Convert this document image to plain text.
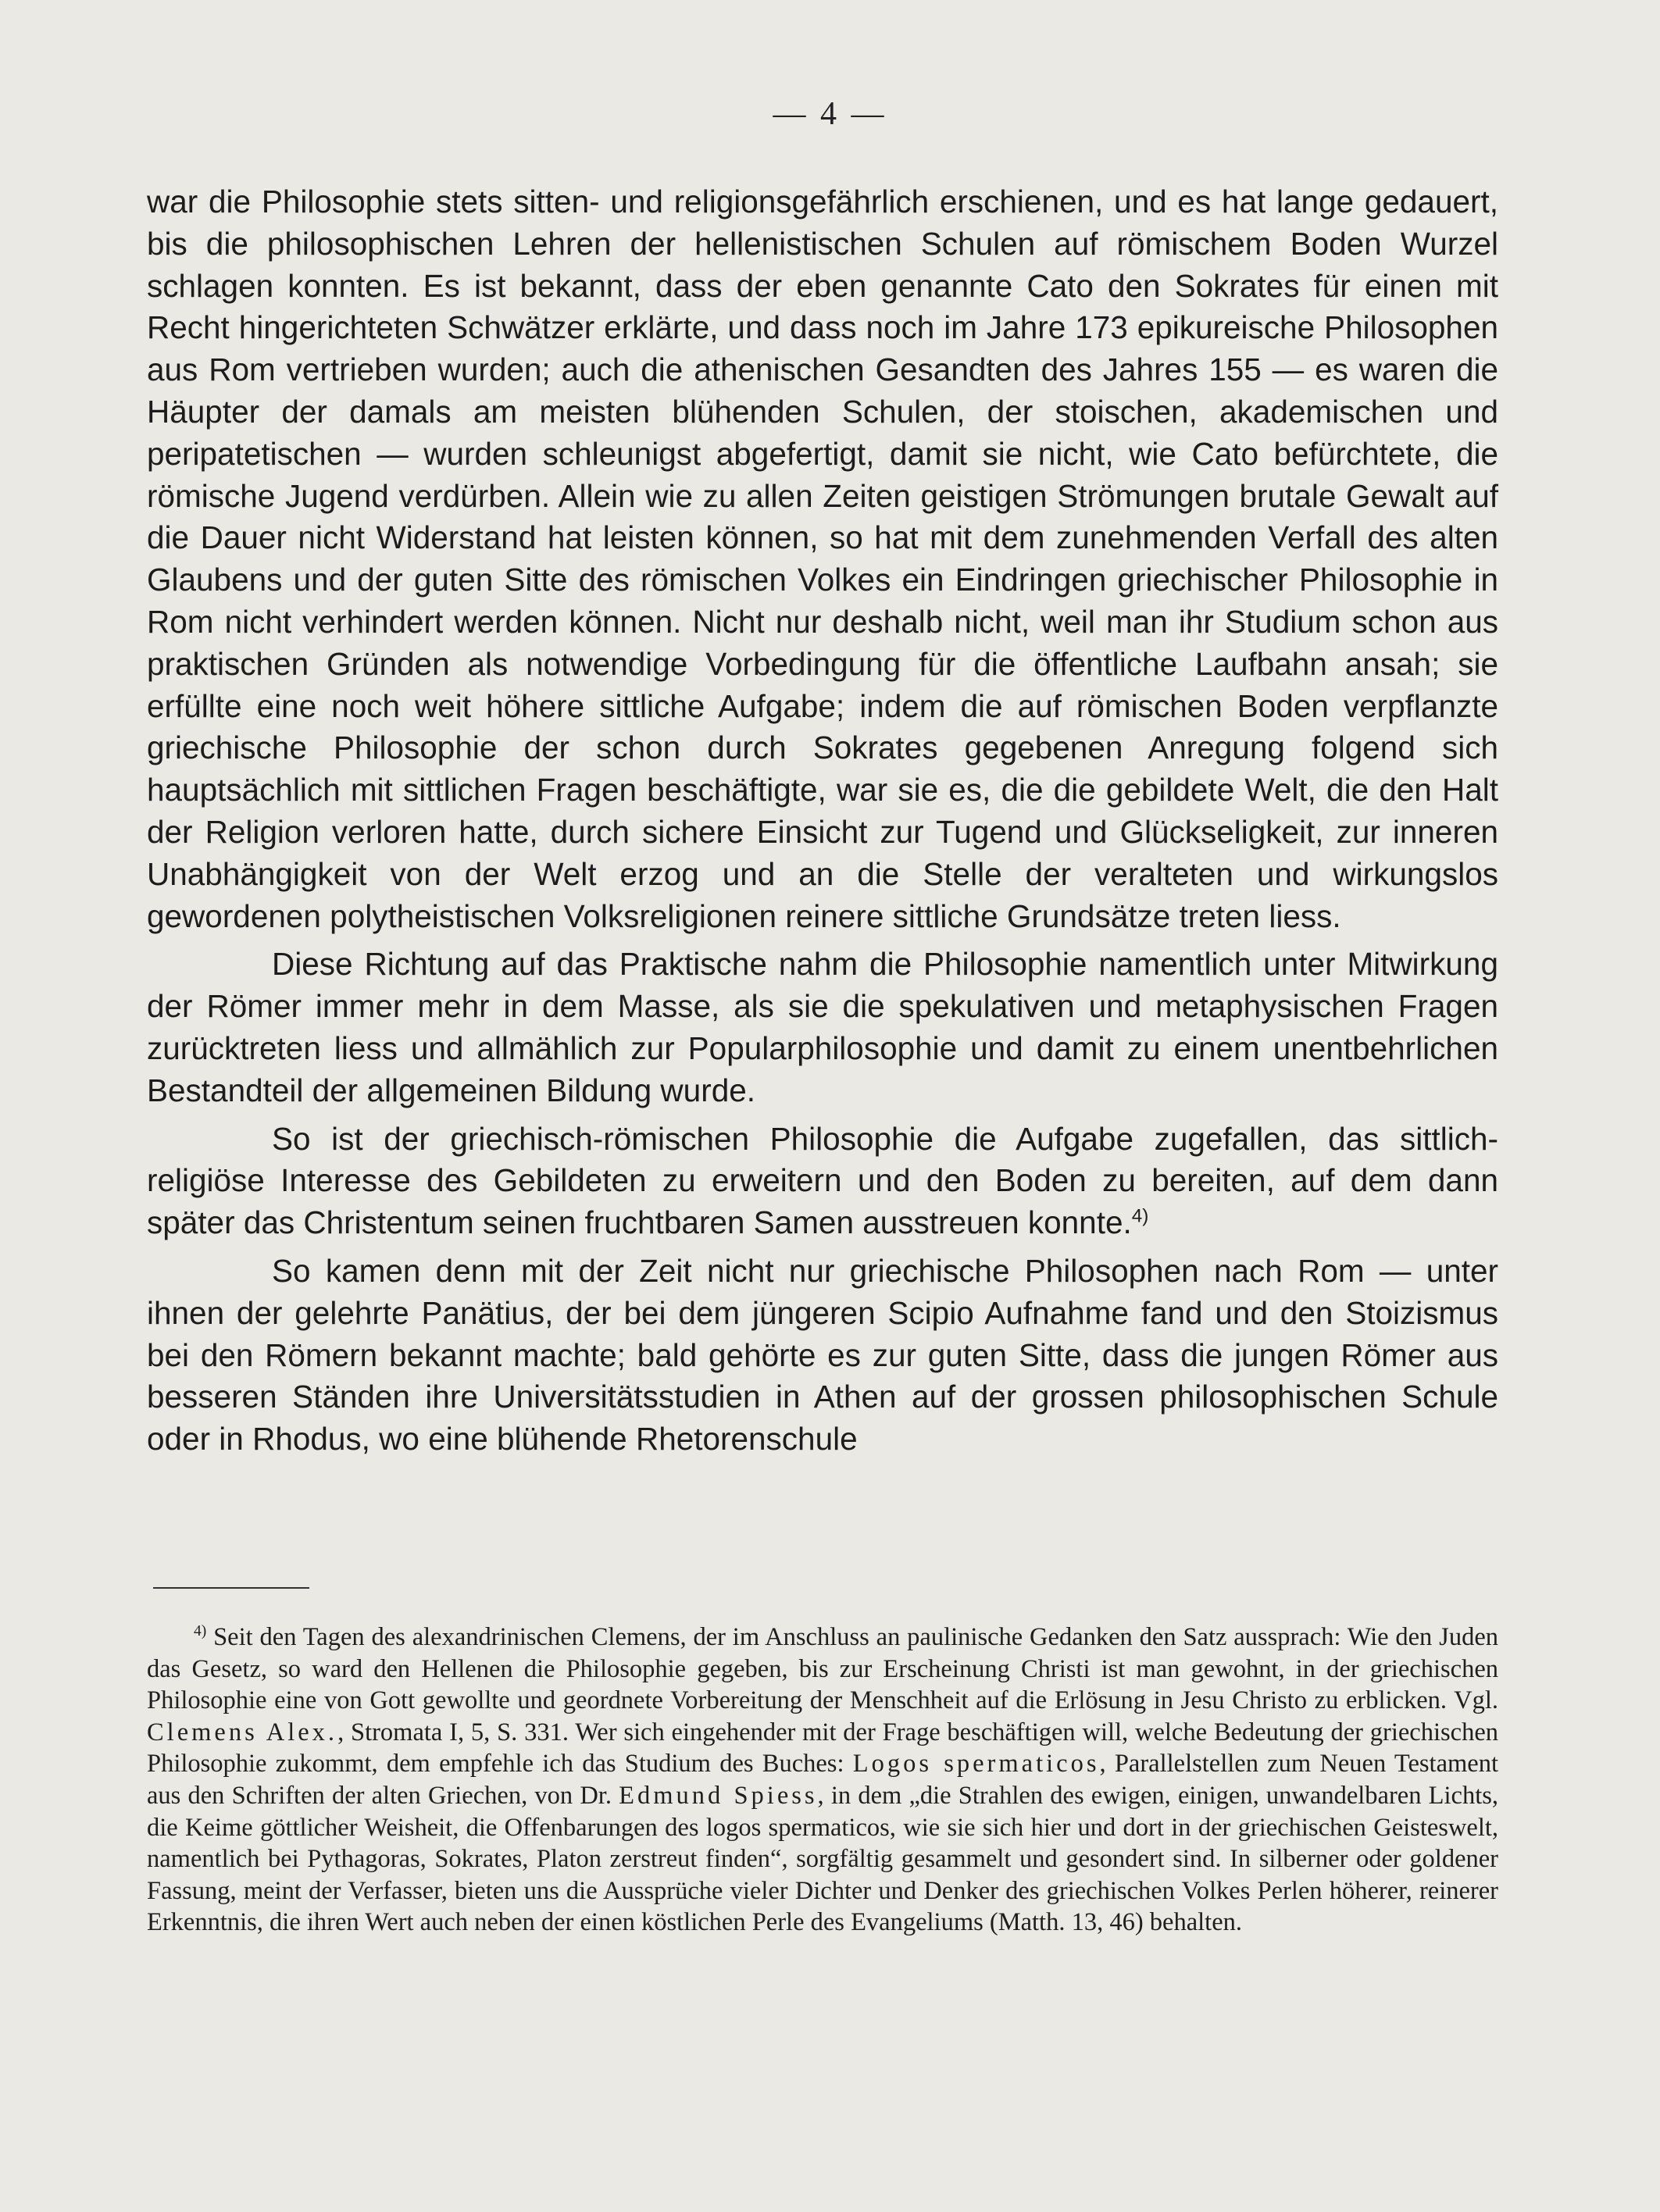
— 4 —

war die Philosophie stets sitten- und religionsgefährlich erschienen, und es hat lange gedauert, bis die philosophischen Lehren der hellenistischen Schulen auf römischem Boden Wurzel schlagen konnten. Es ist bekannt, dass der eben genannte Cato den Sokrates für einen mit Recht hingerichteten Schwätzer erklärte, und dass noch im Jahre 173 epikureische Philosophen aus Rom vertrieben wurden; auch die athenischen Gesandten des Jahres 155 — es waren die Häupter der damals am meisten blühenden Schulen, der stoischen, akademischen und peripatetischen — wurden schleunigst abgefertigt, damit sie nicht, wie Cato befürchtete, die römische Jugend verdürben. Allein wie zu allen Zeiten geistigen Strömungen brutale Gewalt auf die Dauer nicht Widerstand hat leisten können, so hat mit dem zunehmenden Verfall des alten Glaubens und der guten Sitte des römischen Volkes ein Eindringen griechischer Philosophie in Rom nicht verhindert werden können. Nicht nur deshalb nicht, weil man ihr Studium schon aus praktischen Gründen als notwendige Vorbedingung für die öffentliche Laufbahn ansah; sie erfüllte eine noch weit höhere sittliche Aufgabe; indem die auf römischen Boden verpflanzte griechische Philosophie der schon durch Sokrates gegebenen Anregung folgend sich hauptsächlich mit sittlichen Fragen beschäftigte, war sie es, die die gebildete Welt, die den Halt der Religion verloren hatte, durch sichere Einsicht zur Tugend und Glückseligkeit, zur inneren Unabhängigkeit von der Welt erzog und an die Stelle der veralteten und wirkungslos gewordenen polytheistischen Volksreligionen reinere sittliche Grundsätze treten liess.

Diese Richtung auf das Praktische nahm die Philosophie namentlich unter Mitwirkung der Römer immer mehr in dem Masse, als sie die spekulativen und metaphysischen Fragen zurücktreten liess und allmählich zur Popularphilosophie und damit zu einem unentbehrlichen Bestandteil der allgemeinen Bildung wurde.

So ist der griechisch-römischen Philosophie die Aufgabe zugefallen, das sittlich-religiöse Interesse des Gebildeten zu erweitern und den Boden zu bereiten, auf dem dann später das Christentum seinen fruchtbaren Samen ausstreuen konnte.$^{4)}$

So kamen denn mit der Zeit nicht nur griechische Philosophen nach Rom — unter ihnen der gelehrte Panätius, der bei dem jüngeren Scipio Aufnahme fand und den Stoizismus bei den Römern bekannt machte; bald gehörte es zur guten Sitte, dass die jungen Römer aus besseren Ständen ihre Universitätsstudien in Athen auf der grossen philosophischen Schule oder in Rhodus, wo eine blühende Rhetorenschule

$^{4)}$ Seit den Tagen des alexandrinischen Clemens, der im Anschluss an paulinische Gedanken den Satz aussprach: Wie den Juden das Gesetz, so ward den Hellenen die Philosophie gegeben, bis zur Erscheinung Christi ist man gewohnt, in der griechischen Philosophie eine von Gott gewollte und geordnete Vorbereitung der Menschheit auf die Erlösung in Jesu Christo zu erblicken. Vgl. Clemens Alex., Stromata I, 5, S. 331. Wer sich eingehender mit der Frage beschäftigen will, welche Bedeutung der griechischen Philosophie zukommt, dem empfehle ich das Studium des Buches: Logos spermaticos, Parallelstellen zum Neuen Testament aus den Schriften der alten Griechen, von Dr. Edmund Spiess, in dem „die Strahlen des ewigen, einigen, unwandelbaren Lichts, die Keime göttlicher Weisheit, die Offenbarungen des logos spermaticos, wie sie sich hier und dort in der griechischen Geisteswelt, namentlich bei Pythagoras, Sokrates, Platon zerstreut finden“, sorgfältig gesammelt und gesondert sind. In silberner oder goldener Fassung, meint der Verfasser, bieten uns die Aussprüche vieler Dichter und Denker des griechischen Volkes Perlen höherer, reinerer Erkenntnis, die ihren Wert auch neben der einen köstlichen Perle des Evangeliums (Matth. 13, 46) behalten.
